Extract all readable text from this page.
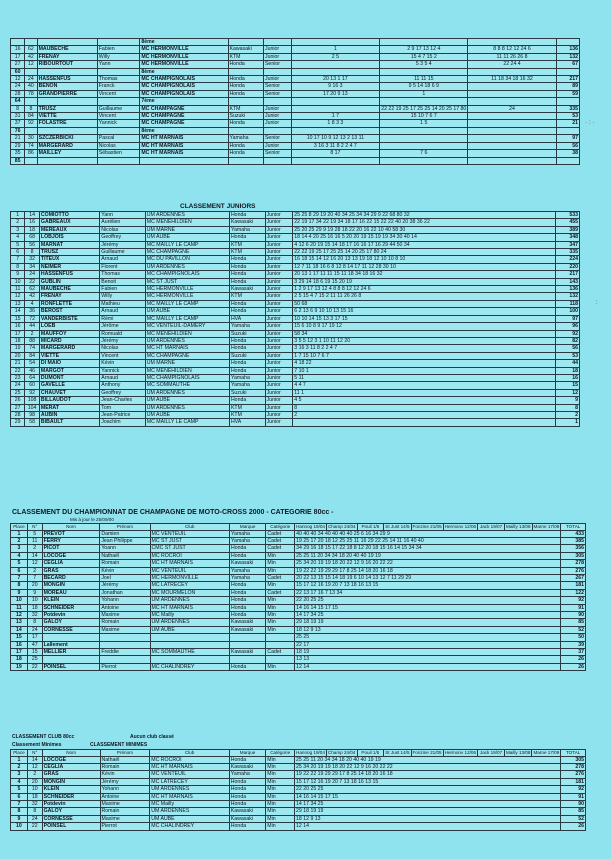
				8ème						
16	62	MAUBECHE	Fabien	MC HERMONVILLE	Kawasaki	Junior	1	2 9 17 13 12 4	8 8 8 12 12 24 6	136
17	42	FRENAY	Willy	MC HERMONVILLE	KTM	Junior	2 5	15 4 7 15 2	11 11 26 26 8	132
27	12	RIBOURTOUT	Yann	MC HERMONVILLE	Honda	Senior		5 3 5 4	22 24 4	67
60				8ème						
12	24	HASSENFUS	Thomas	MC CHAMPIGNOLAIS	Honda	Junior	20 13 1 17	11 11 15	11 18 34 18 16 32	217
24	40	BENON	Franck	MC CHAMPIGNOLAIS	Honda	Senior	9 16 3	9 5 14 18 6 9		89
28	78	GRANDPIERRE	Vincent	MC CHAMPIGNOLAIS	Honda	Senior	17 20 9 13	1		59
64				7ème						
8	8	TRUSZ	Guillaume	MC CHAMPAGNE	KTM	Junior		22 22 19 25 17 25 25 14 20 25 17 80	24	335
31	84	VIETTE	Vincent	MC CHAMPAGNE	Suzuki	Junior	1 7	15 10 7 6 7		53
37	92	FOLASTRE	Yannick	MC CHAMPAGNE	Honda	Junior	1 8 3 3	1 5		21
76				8ème						
21	30	SZCZERBICKI	Pascal	MC HT MARNAIS	Yamaha	Senior	10 17 10 9 12 13 2 13 11			97
29	74	MARGERARD	Nicolas	MC HT MARNAIS	Honda	Junior	3 16 3 11 8 2 2 4 7			56
35	86	MAILLEY	Sébastien	MC HT MARNAIS	Honda	Senior	8 17	7 6		38
85										
CLASSEMENT JUNIORS
1	14	COMIOTTO	Yann	UM ARDENNES	Honda	Junior	25 25 8 29 19 20 40 34 25 34 34 29 9 22 68 80 32	533
2	16	GABREAUX	Aurélien	MC MENEHILDIEN	Kawasaki	Junior	22 19 17 34 22 19 34 18 17 16 22 15 22 22 40 20 38 36 22	455
3	18	MEREAUX	Nicolas	UM MARNE	Yamaha	Junior	25 20 25 29 9 19 28 18 22 20 16 22 10 40 58 30	389
4	68	LOBJOIS	Geoffrey	UM AUBE	Honda	Junior	18 14 4 20 25 16 16 5 20 20 19 15 19 19 34 30 40 14	348
5	56	MARNAT	Jérémy	MC MAILLY LE CAMP	KTM	Junior	4 12 6 20 19 15 14 18 17 16 16 17 16 29 44 50 34	347
6	8	TRUSZ	Guillaume	MC CHAMPAGNE	KTM	Junior	22 22 19 25 17 25 25 14 20 25 17 80 24	335
7	32	TITEUX	Arnaud	MC DU PAVILLON	Honda	Junior	16 18 15 14 12 16 20 13 13 19 18 12 10 10 8 10	224
8	34	NEIMER	Florent	UM ARDENNES	Honda	Junior	12 7 11 18 16 6 8 12 8 14 17 11 12 28 30 10	220
9	24	HASSENFUS	Thomas	MC CHAMPIGNOLAIS	Honda	Junior	20 13 1 17 11 11 15 11 18 34 18 16 32	217
10	22	GUBLIN	Benoit	MC ST JUST	Honda	Junior	3 29 14 18 6 19 15 20 19	143
11	62	MAUBECHE	Fabien	MC HERMONVILLE	Kawasaki	Junior	1 2 9 17 13 12 4 8 8 8 12 12 24 6	136
12	42	FRENAY	Willy	MC HERMONVILLE	KTM	Junior	2 5 15 4 7 15 2 11 11 26 26 8	132
13	4	RONFLETTE	Mathieu	MC MAILLY LE CAMP	Honda	Junior	50 68	118
14	36	BEROST	Arnaud	UM AUBE	Honda	Junior	6 2 13 6 9 10 10 13 15 16	100
15	72	VANDERBISTE	Rémi	MC MAILLY LE CAMP	HVA	Junior	10 10 14 15 13 3 17 15	97
16	44	LOEB	Jérôme	MC VENTEUIL-DAMERY	Yamaha	Junior	15 6 10 8 9 17 19 12	96
17	2	MAUFFOY	Romuald	MC MENEHILDIEN	Suzuki	Junior	58 34	92
18	88	MICARD	Jérémy	UM ARDENNES	Honda	Junior	3 5 5 12 3 1 10 11 12 20	82
19	74	MARGERARD	Nicolas	MC HT MARNAIS	Honda	Junior	3 16 3 11 8 2 2 4 7	56
20	84	VIETTE	Vincent	MC CHAMPAGNE	Suzuki	Junior	1 7 15 10 7 6 7	53
21	54	DI MAIO	Kévin	UM MARNE	Honda	Junior	4 18 22	44
22	46	MARGOT	Yannick	MC MENEHILDIEN	Honda	Junior	7 10 1	18
23	64	DUMONT	Arnaud	MC CHAMPIGNOLAIS	Yamaha	Junior	5 11	16
24	60	GAVELLE	Anthony	MC SOMMAUTHE	Yamaha	Junior	4 4 7	15
25	92	CHAUVET	Geoffrey	UM ARDENNES	Suzuki	Junior	11 1	12
26	108	BILLAUDOT	Jean-Charles	UM AUBE	Honda	Junior	4 5	9
27	104	MERAT	Tom	UM ARDENNES	KTM	Junior	8	8
28	98	AUBIN	Jean-Patrice	UM AUBE	KTM	Junior	2	2
29	58	BIBAULT	Joachim	MC MAILLY LE CAMP	HVA	Junior		1
CLASSEMENT DU CHAMPIONNAT DE CHAMPAGNE DE MOTO-CROSS 2000 - CATEGORIE 80cc -
Mis à jour le 25/09/00
Place	N°	Nom	Prénom	Club	Marque	Catégorie	Hannog 19/04	Champ 24/04	Pouil 1/5	St Just 14/5	Fonzine 21/05	Hermonv 12/06	Jack 19/07	Mailly 13/08	Marne 17/09	TOTAL
1	5	PREVOT	Damien	MC VENTEUIL	Yamaha	Cadet	40 40 40 34 40 40 40 40 25 6 16 34 29 9									433
2	11	FERRY	Jean Philippe	MC ST JUST	Yamaha	Cadet	19 25 17 20 18 12 25 25 11 16 29 22 25 14 11 16 40 40									385
3	2	PICOT	Yoann	CMC ST JUST	Honda	Cadet	34 29 16 18 15 17 22 18 8 12 20 18 15 16 14 15 34 34									356
4	14	LOCOGE	Nathaël	MC ROCROI	Honda	Min	25 25 11 20 34 34 18 20 40 40 19 19									305
5	12	CEGLIA	Romain	MC HT MARNAIS	Kawasaki	Min	25 34 20 19 19 18 20 22 12 9 16 20 22 22									278
6	2	GRAS	Kévin	MC VENTEUIL	Yamaha	Min	19 22 22 19 29 29 17 8 25 14 18 20 16 18									276
7	7	BECARD	Joel	MC HERMONVILLE	Yamaha	Cadet	20 22 13 15 15 14 18 19 6 10 14 13 12 7 11 29 29									267
8	20	MONGIN	Jérémy	MC LATRECEY	Honda	Min	15 17 12 16 19 20 7 13 18 16 13 15									181
9	9	MOREAU	Jonathan	MC MOURMELON	Honda	Cadet	22 13 17 16 7 13 34									122
10	10	KLEIN	Yohann	UM ARDENNES	Honda	Min	22 20 25 25									92
11	18	SCHNEIDER	Antoine	MC HT MARNAIS	Honda	Min	14 16 14 15 17 15									91
12	32	Potdevin	Maxime	MC Mailly	Honda	Min	14 17 34 25									90
13	8	GALOY	Romain	UM ARDENNES	Kawasaki	Min	29 18 19 19									85
14	24	CORNESSE	Maxime	UM AUBE	Kawasaki	Min	18 12 9 13									52
15	17						25 25									50
16	47	Lallement					22 17									39
17	15	MELLIER	Freddie	MC SOMMAUTHE	Kawasaki	Cadet	18 19									37
18	25						13 13									26
19	22	POINSEL	Pierrot	MC CHALINDREY	Honda	Min	12 14									26
CLASSEMENT CLUB 80cc	Aucun club classé
Classement Minimes	CLASSEMENT MINIMES
Place	N°	Nom	Prénom	Club	Marque	Catégorie	Hannog 19/04	Champ 24/04	Pouil 1/5	St Just 14/5	Fonzine 21/05	Hermonv 12/06	Jack 19/07	Mailly 13/08	Marne 17/09	TOTAL
1	14	LOCOGE	Nathaël	MC ROCROI	Honda	Min	25 25 11 20 34 34 18 20 40 40 19 19									305
2	12	CEGLIA	Romain	MC HT MARNAIS	Kawasaki	Min	25 34 20 19 19 18 20 22 12 9 16 20 22 22									278
3	2	GRAS	Kévin	MC VENTEUIL	Yamaha	Min	19 22 22 19 29 29 17 8 25 14 18 20 16 18									276
4	20	MONGIN	Jérémy	MC LATRECEY	Honda	Min	15 17 12 16 19 20 7 13 18 16 13 15									181
5	10	KLEIN	Yohann	UM ARDENNES	Honda	Min	22 20 25 25									92
6	18	SCHNEIDER	Antoine	MC HT MARNAIS	Honda	Min	14 16 14 15 17 15									91
7	32	Potdevin	Maxime	MC Mailly	Honda	Min	14 17 34 25									90
8	8	GALOY	Romain	UM ARDENNES	Kawasaki	Min	29 18 19 19									85
9	24	CORNESSE	Maxime	UM AUBE	Kawasaki	Min	18 12 9 13									52
10	22	POINSEL	Pierrot	MC CHALINDREY	Honda	Min	12 14									26
·:·
:
